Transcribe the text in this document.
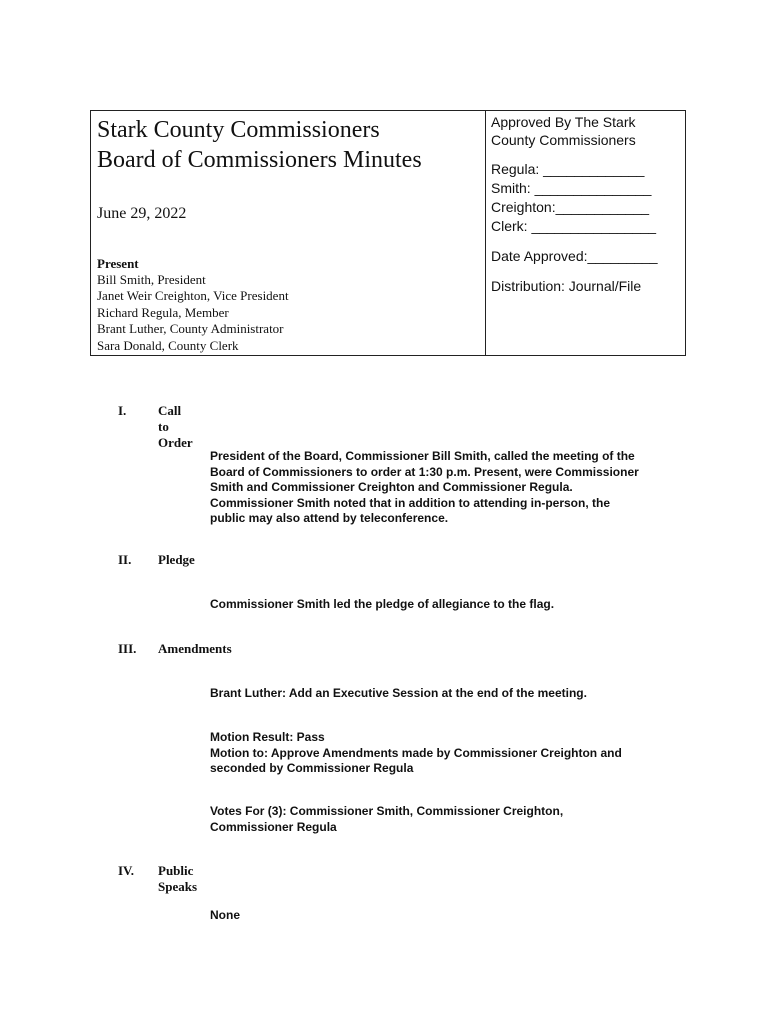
Stark County Commissioners
Board of Commissioners Minutes
June 29, 2022
Present
Bill Smith, President
Janet Weir Creighton, Vice President
Richard Regula, Member
Brant Luther, County Administrator
Sara Donald, County Clerk
Approved By The Stark
County Commissioners
Regula: _____________
Smith: _______________
Creighton:____________
Clerk: ________________
Date Approved:_________
Distribution: Journal/File
I. Call to Order
President of the Board, Commissioner Bill Smith, called the meeting of the
Board of Commissioners to order at 1:30 p.m. Present, were Commissioner
Smith and Commissioner Creighton and Commissioner Regula.
Commissioner Smith noted that in addition to attending in-person, the
public may also attend by teleconference.
II. Pledge
Commissioner Smith led the pledge of allegiance to the flag.
III. Amendments
Brant Luther: Add an Executive Session at the end of the meeting.
Motion Result: Pass
Motion to: Approve Amendments made by Commissioner Creighton and
seconded by Commissioner Regula
Votes For (3): Commissioner Smith, Commissioner Creighton,
Commissioner Regula
IV. Public Speaks
None
